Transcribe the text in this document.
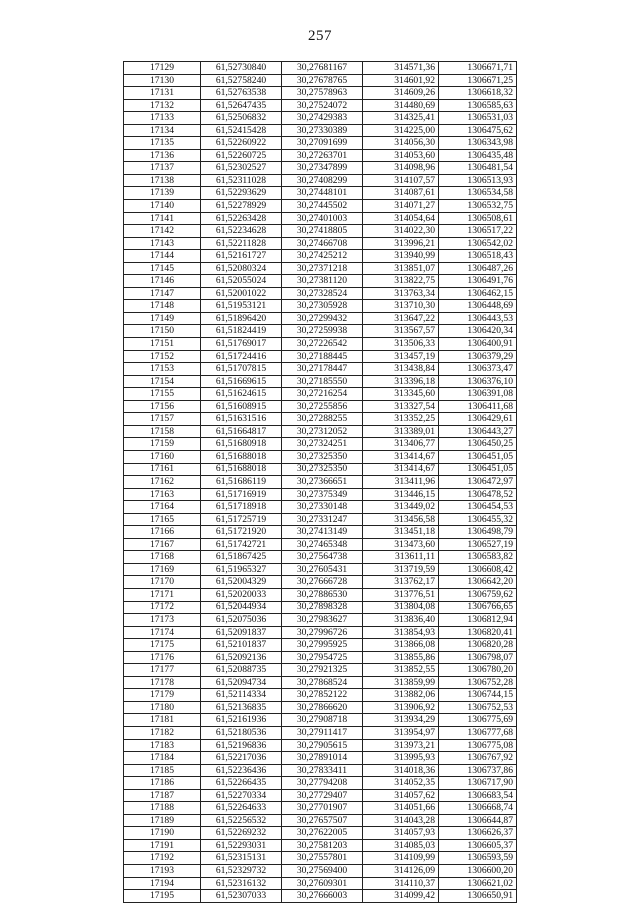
257
17129	61,52730840	30,27681167	314571,36	1306671,71
17130	61,52758240	30,27678765	314601,92	1306671,25
17131	61,52763538	30,27578963	314609,26	1306618,32
17132	61,52647435	30,27524072	314480,69	1306585,63
17133	61,52506832	30,27429383	314325,41	1306531,03
17134	61,52415428	30,27330389	314225,00	1306475,62
17135	61,52260922	30,27091699	314056,30	1306343,98
17136	61,52260725	30,27263701	314053,60	1306435,48
17137	61,52302527	30,27347899	314098,96	1306481,54
17138	61,52311028	30,27408299	314107,57	1306513,93
17139	61,52293629	30,27448101	314087,61	1306534,58
17140	61,52278929	30,27445502	314071,27	1306532,75
17141	61,52263428	30,27401003	314054,64	1306508,61
17142	61,52234628	30,27418805	314022,30	1306517,22
17143	61,52211828	30,27466708	313996,21	1306542,02
17144	61,52161727	30,27425212	313940,99	1306518,43
17145	61,52080324	30,27371218	313851,07	1306487,26
17146	61,52055024	30,27381120	313822,75	1306491,76
17147	61,52001022	30,27328524	313763,34	1306462,15
17148	61,51953121	30,27305928	313710,30	1306448,69
17149	61,51896420	30,27299432	313647,22	1306443,53
17150	61,51824419	30,27259938	313567,57	1306420,34
17151	61,51769017	30,27226542	313506,33	1306400,91
17152	61,51724416	30,27188445	313457,19	1306379,29
17153	61,51707815	30,27178447	313438,84	1306373,47
17154	61,51669615	30,27185550	313396,18	1306376,10
17155	61,51624615	30,27216254	313345,60	1306391,08
17156	61,51608915	30,27255856	313327,54	1306411,68
17157	61,51631516	30,27288255	313352,25	1306429,61
17158	61,51664817	30,27312052	313389,01	1306443,27
17159	61,51680918	30,27324251	313406,77	1306450,25
17160	61,51688018	30,27325350	313414,67	1306451,05
17161	61,51688018	30,27325350	313414,67	1306451,05
17162	61,51686119	30,27366651	313411,96	1306472,97
17163	61,51716919	30,27375349	313446,15	1306478,52
17164	61,51718918	30,27330148	313449,02	1306454,53
17165	61,51725719	30,27331247	313456,58	1306455,32
17166	61,51721920	30,27413149	313451,18	1306498,79
17167	61,51742721	30,27465348	313473,60	1306527,19
17168	61,51867425	30,27564738	313611,11	1306583,82
17169	61,51965327	30,27605431	313719,59	1306608,42
17170	61,52004329	30,27666728	313762,17	1306642,20
17171	61,52020033	30,27886530	313776,51	1306759,62
17172	61,52044934	30,27898328	313804,08	1306766,65
17173	61,52075036	30,27983627	313836,40	1306812,94
17174	61,52091837	30,27996726	313854,93	1306820,41
17175	61,52101837	30,27995925	313866,08	1306820,28
17176	61,52092136	30,27954725	313855,86	1306798,07
17177	61,52088735	30,27921325	313852,55	1306780,20
17178	61,52094734	30,27868524	313859,99	1306752,28
17179	61,52114334	30,27852122	313882,06	1306744,15
17180	61,52136835	30,27866620	313906,92	1306752,53
17181	61,52161936	30,27908718	313934,29	1306775,69
17182	61,52180536	30,27911417	313954,97	1306777,68
17183	61,52196836	30,27905615	313973,21	1306775,08
17184	61,52217036	30,27891014	313995,93	1306767,92
17185	61,52236436	30,27833411	314018,36	1306737,86
17186	61,52266435	30,27794208	314052,35	1306717,90
17187	61,52270334	30,27729407	314057,62	1306683,54
17188	61,52264633	30,27701907	314051,66	1306668,74
17189	61,52256532	30,27657507	314043,28	1306644,87
17190	61,52269232	30,27622005	314057,93	1306626,37
17191	61,52293031	30,27581203	314085,03	1306605,37
17192	61,52315131	30,27557801	314109,99	1306593,59
17193	61,52329732	30,27569400	314126,09	1306600,20
17194	61,52316132	30,27609301	314110,37	1306621,02
17195	61,52307033	30,27666003	314099,42	1306650,91
